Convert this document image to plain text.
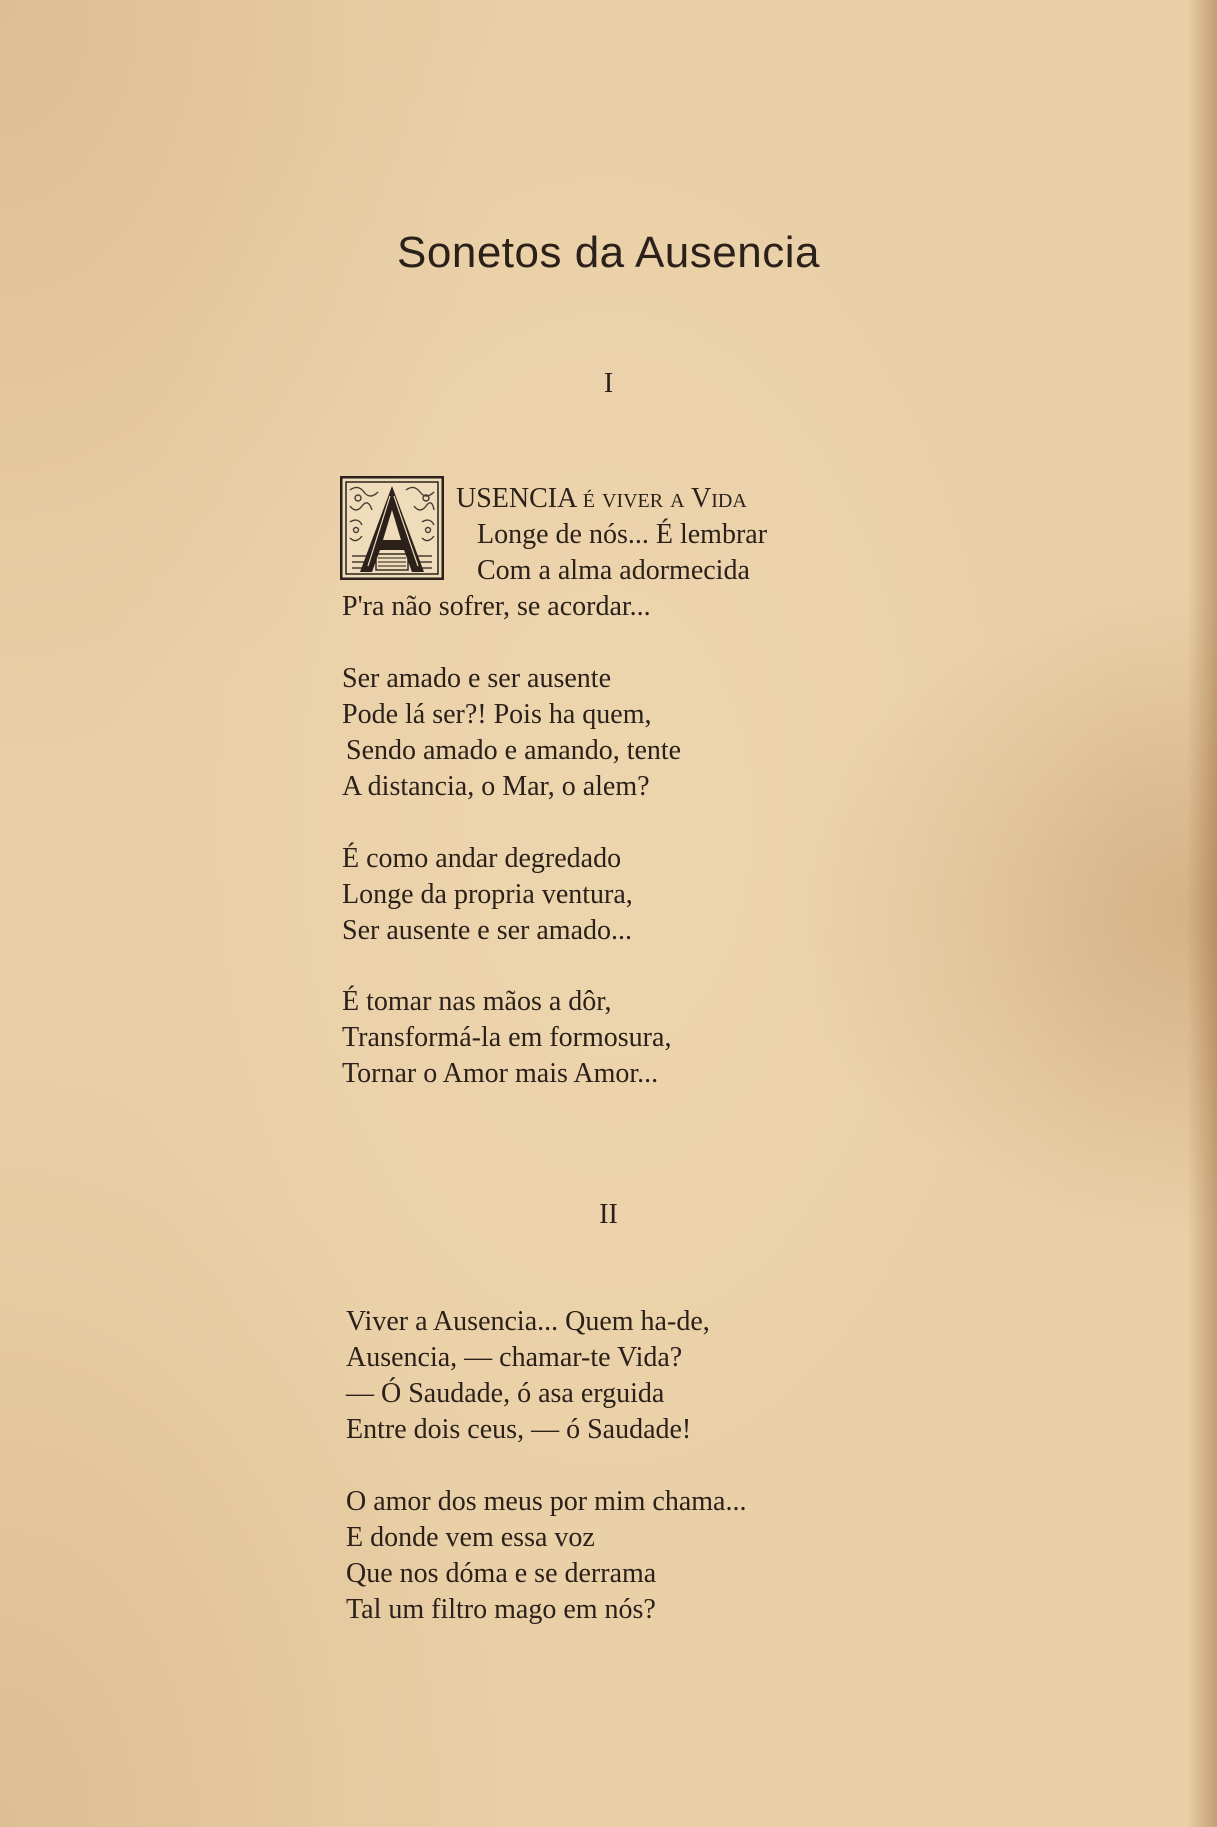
Sonetos da Ausencia

I

USENCIA é viver a Vida

Longe de nós... É lembrar

Com a alma adormecida

P'ra não sofrer, se acordar...

Ser amado e ser ausente

Pode lá ser?! Pois ha quem,

Sendo amado e amando, tente

A distancia, o Mar, o alem?

É como andar degredado

Longe da propria ventura,

Ser ausente e ser amado...

É tomar nas mãos a dôr,

Transformá-la em formosura,

Tornar o Amor mais Amor...

II

Viver a Ausencia... Quem ha-de,

Ausencia, — chamar-te Vida?

— Ó Saudade, ó asa erguida

Entre dois ceus, — ó Saudade!

O amor dos meus por mim chama...

E donde vem essa voz

Que nos dóma e se derrama

Tal um filtro mago em nós?
